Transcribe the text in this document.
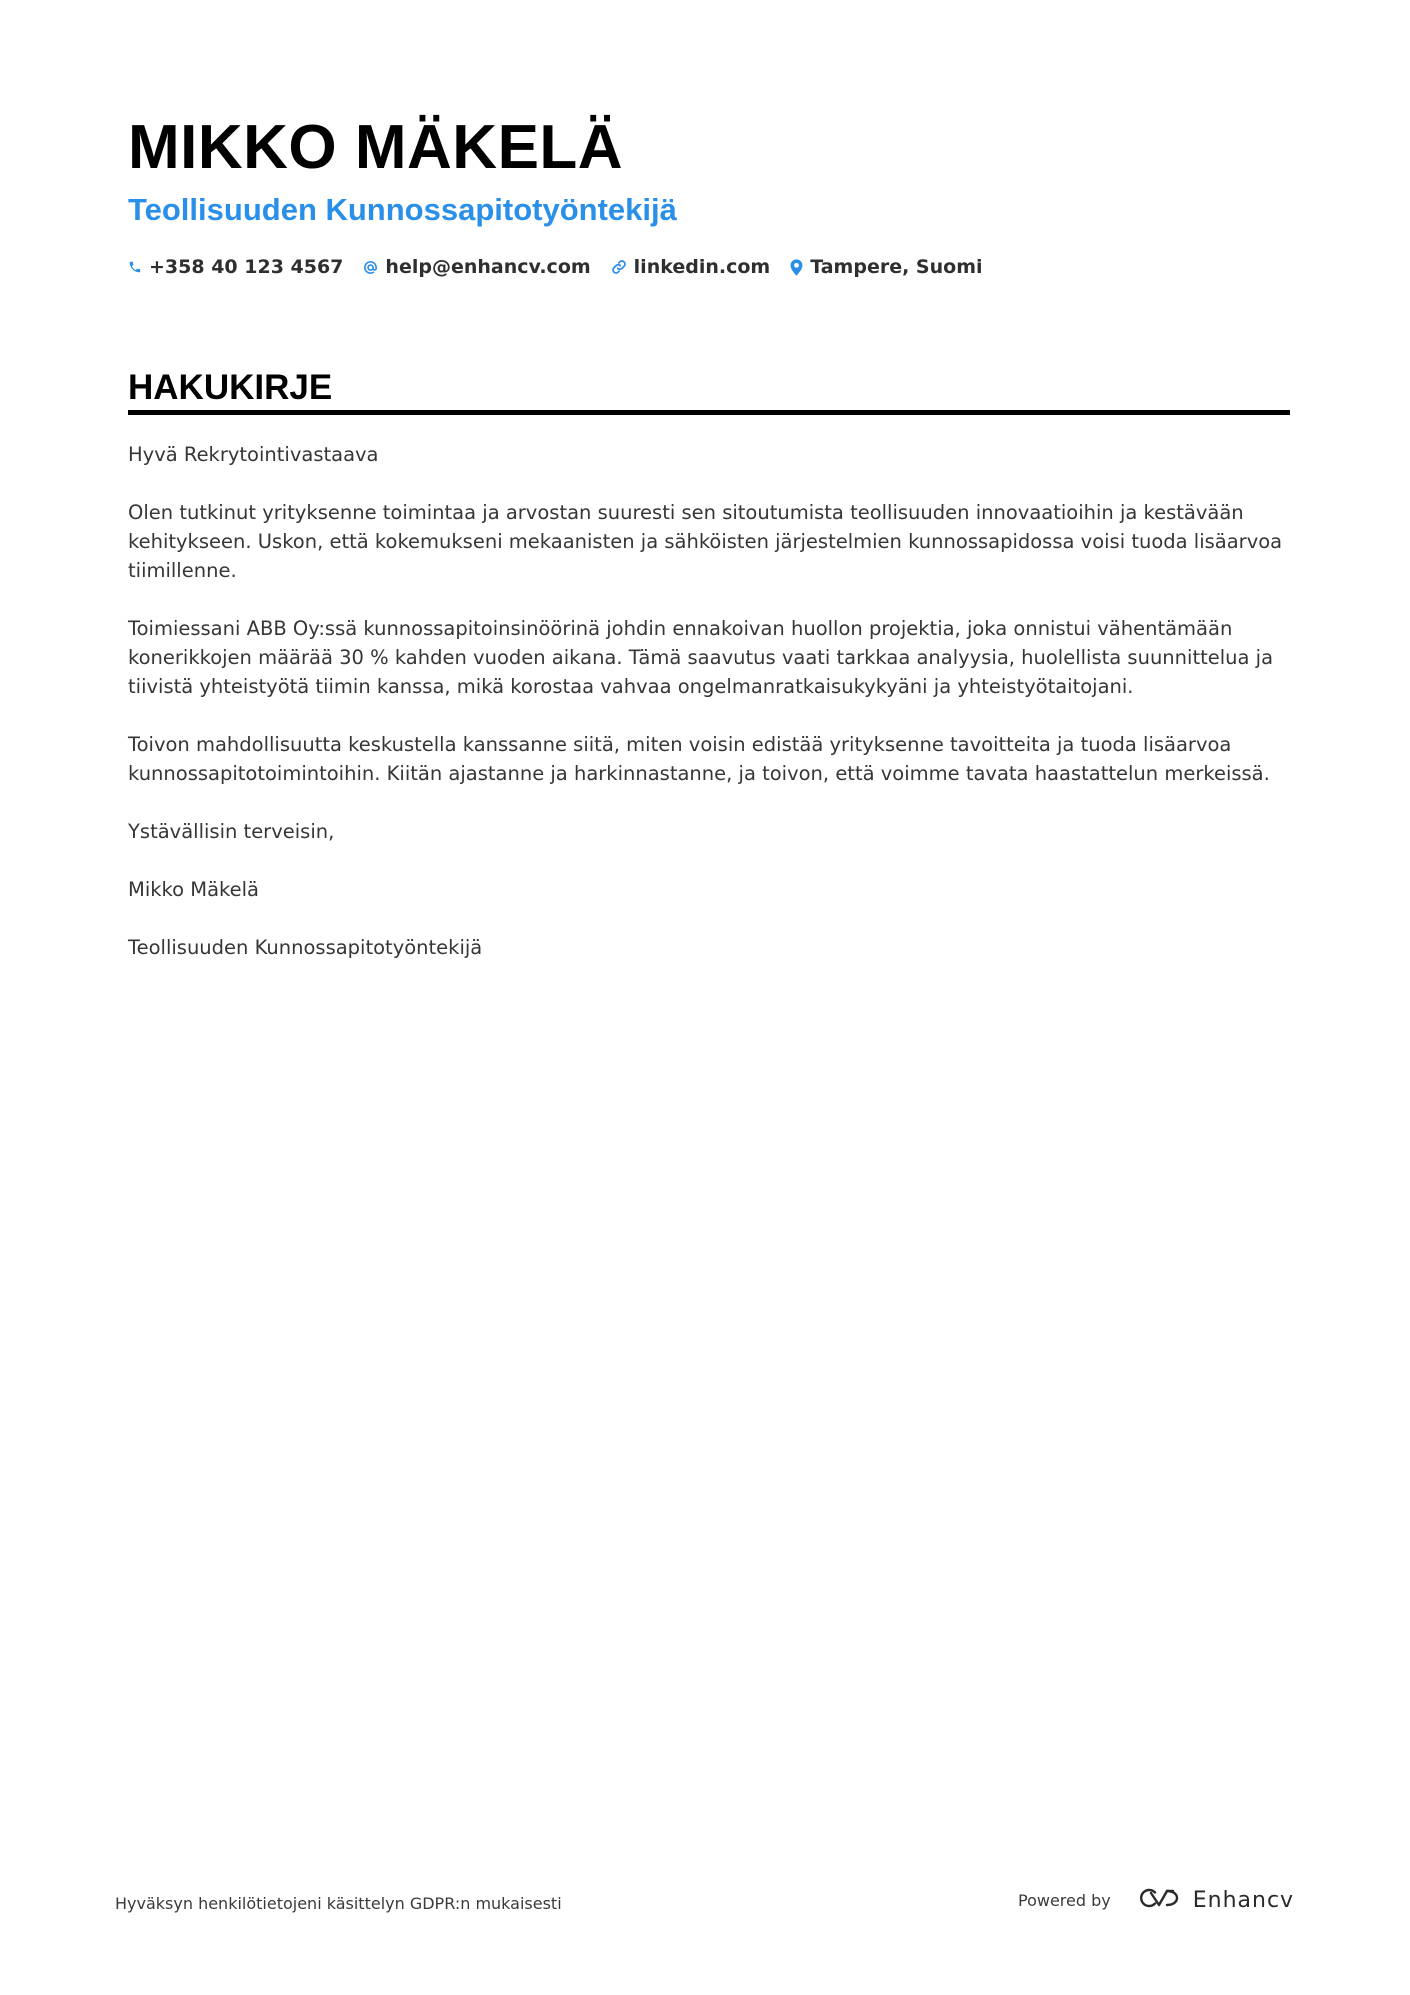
MIKKO MÄKELÄ
Teollisuuden Kunnossapitotyöntekijä
+358 40 123 4567 help@enhancv.com linkedin.com Tampere, Suomi
HAKUKIRJE

Hyvä Rekrytointivastaava

Olen tutkinut yrityksenne toimintaa ja arvostan suuresti sen sitoutumista teollisuuden innovaatioihin ja kestävään kehitykseen. Uskon, että kokemukseni mekaanisten ja sähköisten järjestelmien kunnossapidossa voisi tuoda lisäarvoa tiimillenne.

Toimiessani ABB Oy:ssä kunnossapitoinsinöörinä johdin ennakoivan huollon projektia, joka onnistui vähentämään konerikkojen määrää 30 % kahden vuoden aikana. Tämä saavutus vaati tarkkaa analyysia, huolellista suunnittelua ja tiivistä yhteistyötä tiimin kanssa, mikä korostaa vahvaa ongelmanratkaisukykyäni ja yhteistyötaitojani.

Toivon mahdollisuutta keskustella kanssanne siitä, miten voisin edistää yrityksenne tavoitteita ja tuoda lisäarvoa kunnossapitotoimintoihin. Kiitän ajastanne ja harkinnastanne, ja toivon, että voimme tavata haastattelun merkeissä.

Ystävällisin terveisin,

Mikko Mäkelä

Teollisuuden Kunnossapitotyöntekijä

Hyväksyn henkilötietojeni käsittelyn GDPR:n mukaisesti	Powered by	Enhancv
